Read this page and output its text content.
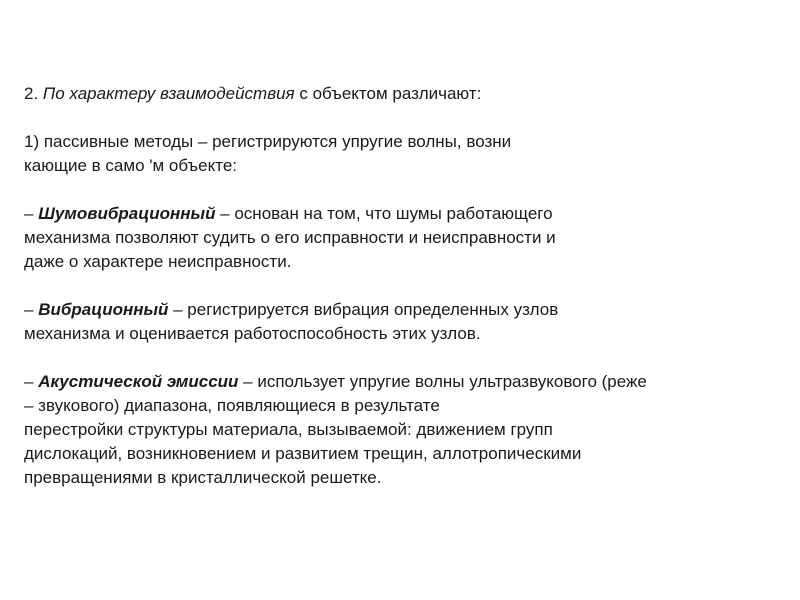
2. По характеру взаимодействия с объектом различают:
1) пассивные методы – регистрируются упругие волны, возни
кающие в само 'м объекте:
– Шумовибрационный – основан на том, что шумы работающего
механизма позволяют судить о его исправности и неисправности и
даже о характере неисправности.
– Вибрационный – регистрируется вибрация определенных узлов
механизма и оценивается работоспособность этих узлов.
– Акустической эмиссии – использует упругие волны ультразвукового (реже
– звукового) диапазона, появляющиеся в результате
перестройки структуры материала, вызываемой: движением групп
дислокаций, возникновением и развитием трещин, аллотропическими
превращениями в кристаллической решетке.
